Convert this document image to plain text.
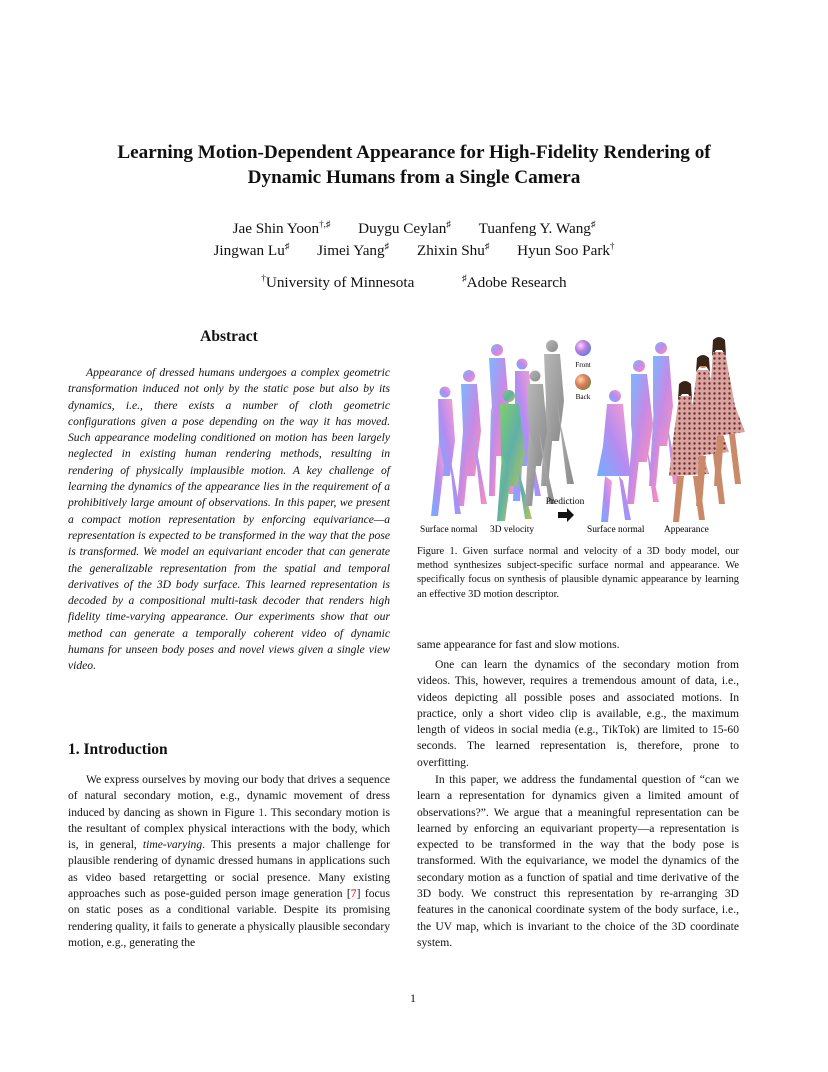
Learning Motion-Dependent Appearance for High-Fidelity Rendering of
Dynamic Humans from a Single Camera
Jae Shin Yoon†,♯ Duygu Ceylan♯ Tuanfeng Y. Wang♯
Jingwan Lu♯ Jimei Yang♯ Zhixin Shu♯ Hyun Soo Park†
†University of Minnesota	♯Adobe Research
Abstract

Appearance of dressed humans undergoes a complex geometric transformation induced not only by the static pose but also by its dynamics, i.e., there exists a number of cloth geometric configurations given a pose depending on the way it has moved. Such appearance modeling conditioned on motion has been largely neglected in existing human rendering methods, resulting in rendering of physically implausible motion. A key challenge of learning the dynamics of the appearance lies in the requirement of a prohibitively large amount of observations. In this paper, we present a compact motion representation by enforcing equivariance—a representation is expected to be transformed in the way that the pose is transformed. We model an equivariant encoder that can generate the generalizable representation from the spatial and temporal derivatives of the 3D body surface. This learned representation is decoded by a compositional multi-task decoder that renders high fidelity time-varying appearance. Our experiments show that our method can generate a temporally coherent video of dynamic humans for unseen body poses and novel views given a single view video.

1. Introduction

We express ourselves by moving our body that drives a sequence of natural secondary motion, e.g., dynamic movement of dress induced by dancing as shown in Figure 1. This secondary motion is the resultant of complex physical interactions with the body, which is, in general, time-varying. This presents a major challenge for plausible rendering of dynamic dressed humans in applications such as video based retargetting or social presence. Many existing approaches such as pose-guided person image generation [7] focus on static poses as a conditional variable. Despite its promising rendering quality, it fails to generate a physically plausible secondary motion, e.g., generating the

Front
Back
Prediction
Surface normal 3D velocity	Surface normal Appearance

Figure 1. Given surface normal and velocity of a 3D body model, our method synthesizes subject-specific surface normal and appearance. We specifically focus on synthesis of plausible dynamic appearance by learning an effective 3D motion descriptor.

same appearance for fast and slow motions.

One can learn the dynamics of the secondary motion from videos. This, however, requires a tremendous amount of data, i.e., videos depicting all possible poses and associated motions. In practice, only a short video clip is available, e.g., the maximum length of videos in social media (e.g., TikTok) are limited to 15-60 seconds. The learned representation is, therefore, prone to overfitting.

In this paper, we address the fundamental question of “can we learn a representation for dynamics given a limited amount of observations?”. We argue that a meaningful representation can be learned by enforcing an equivariant property—a representation is expected to be transformed in the way that the body pose is transformed. With the equivariance, we model the dynamics of the secondary motion as a function of spatial and time derivative of the 3D body. We construct this representation by re-arranging 3D features in the canonical coordinate system of the body surface, i.e., the UV map, which is invariant to the choice of the 3D coordinate system.

1
